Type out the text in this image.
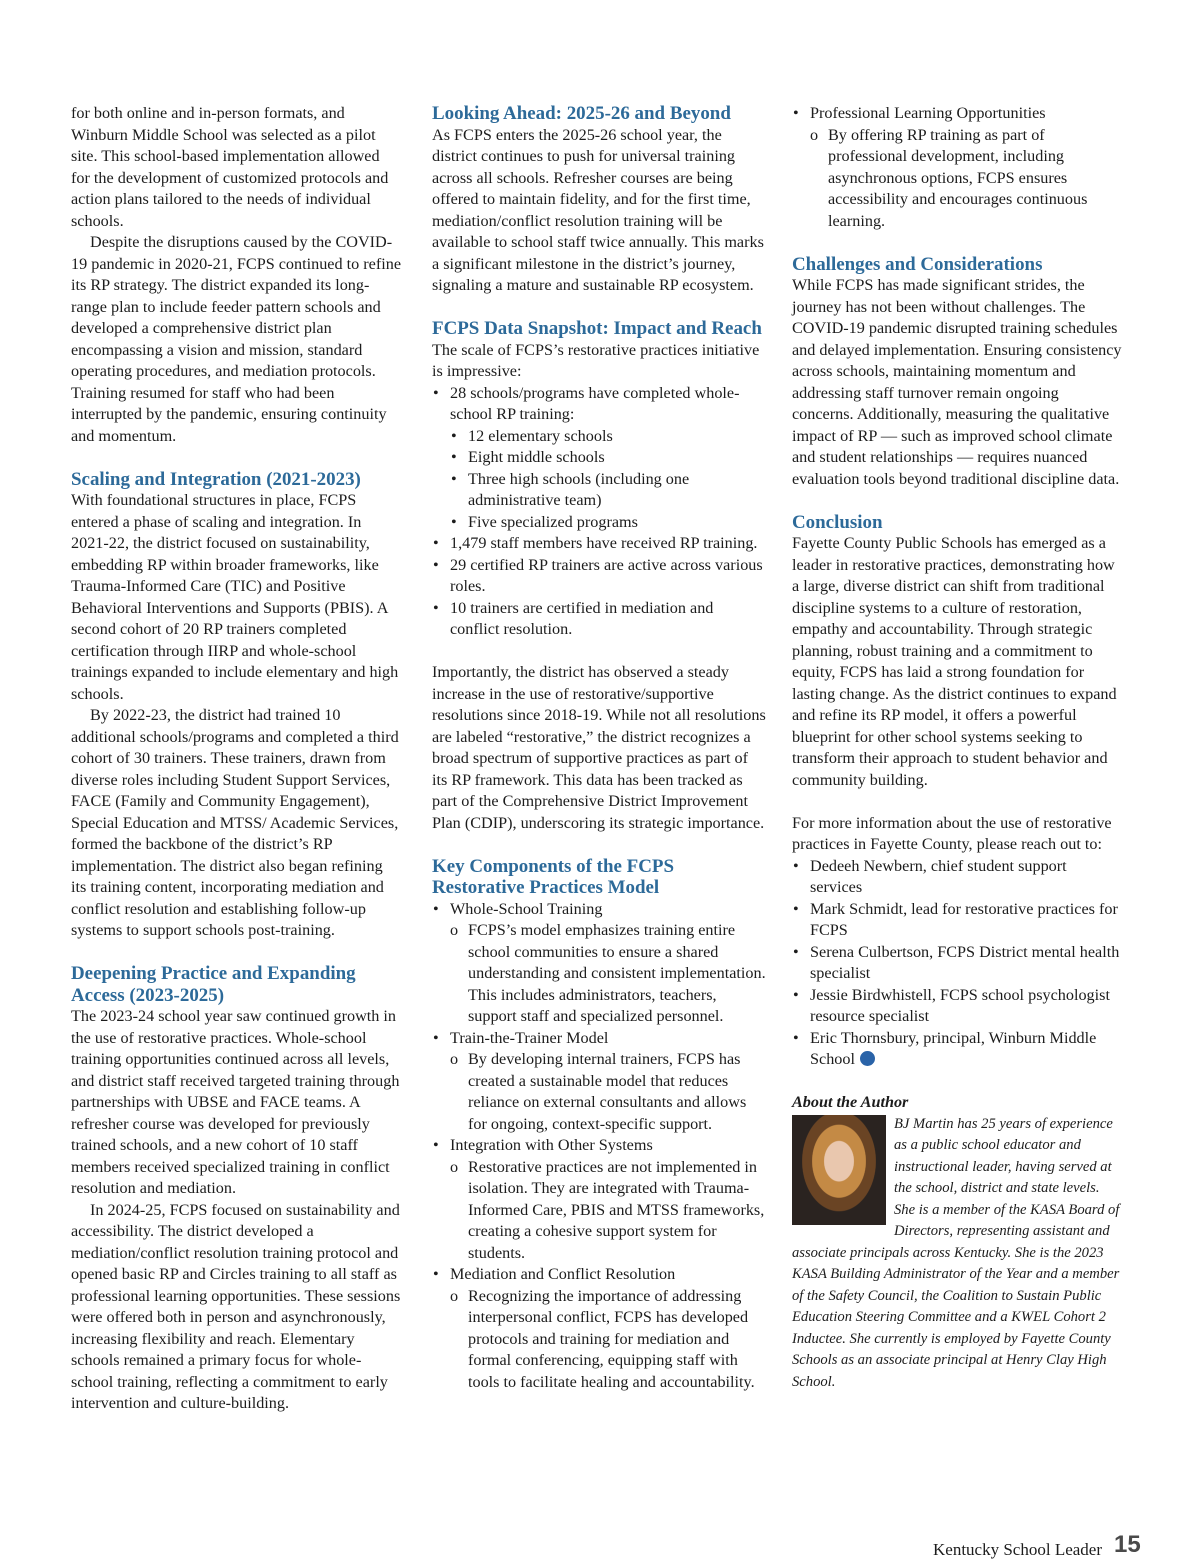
for both online and in-person formats, and Winburn Middle School was selected as a pilot site. This school-based implementation allowed for the development of customized protocols and action plans tailored to the needs of individual schools.

Despite the disruptions caused by the COVID-19 pandemic in 2020-21, FCPS continued to refine its RP strategy. The district expanded its long-range plan to include feeder pattern schools and developed a comprehensive district plan encompassing a vision and mission, standard operating procedures, and mediation protocols. Training resumed for staff who had been interrupted by the pandemic, ensuring continuity and momentum.

Scaling and Integration (2021-2023)

With foundational structures in place, FCPS entered a phase of scaling and integration. In 2021-22, the district focused on sustainability, embedding RP within broader frameworks, like Trauma-Informed Care (TIC) and Positive Behavioral Interventions and Supports (PBIS). A second cohort of 20 RP trainers completed certification through IIRP and whole-school trainings expanded to include elementary and high schools.

By 2022-23, the district had trained 10 additional schools/programs and completed a third cohort of 30 trainers. These trainers, drawn from diverse roles including Student Support Services, FACE (Family and Community Engagement), Special Education and MTSS/ Academic Services, formed the backbone of the district’s RP implementation. The district also began refining its training content, incorporating mediation and conflict resolution and establishing follow-up systems to support schools post-training.

Deepening Practice and Expanding Access (2023-2025)

The 2023-24 school year saw continued growth in the use of restorative practices. Whole-school training opportunities continued across all levels, and district staff received targeted training through partnerships with UBSE and FACE teams. A refresher course was developed for previously trained schools, and a new cohort of 10 staff members received specialized training in conflict resolution and mediation.

In 2024-25, FCPS focused on sustainability and accessibility. The district developed a mediation/conflict resolution training protocol and opened basic RP and Circles training to all staff as professional learning opportunities. These sessions were offered both in person and asynchronously, increasing flexibility and reach. Elementary schools remained a primary focus for whole-school training, reflecting a commitment to early intervention and culture-building.

Looking Ahead: 2025-26 and Beyond

As FCPS enters the 2025-26 school year, the district continues to push for universal training across all schools. Refresher courses are being offered to maintain fidelity, and for the first time, mediation/conflict resolution training will be available to school staff twice annually. This marks a significant milestone in the district’s journey, signaling a mature and sustainable RP ecosystem.

FCPS Data Snapshot: Impact and Reach

The scale of FCPS’s restorative practices initiative is impressive:

• 28 schools/programs have completed whole-school RP training:
• 12 elementary schools
• Eight middle schools
• Three high schools (including one administrative team)
• Five specialized programs
• 1,479 staff members have received RP training.
• 29 certified RP trainers are active across various roles.
• 10 trainers are certified in mediation and conflict resolution.

Importantly, the district has observed a steady increase in the use of restorative/supportive resolutions since 2018-19. While not all resolutions are labeled “restorative,” the district recognizes a broad spectrum of supportive practices as part of its RP framework. This data has been tracked as part of the Comprehensive District Improvement Plan (CDIP), underscoring its strategic importance.

Key Components of the FCPS Restorative Practices Model
• Whole-School Training
o FCPS’s model emphasizes training entire school communities to ensure a shared understanding and consistent implementation. This includes administrators, teachers, support staff and specialized personnel.
• Train-the-Trainer Model
o By developing internal trainers, FCPS has created a sustainable model that reduces reliance on external consultants and allows for ongoing, context-specific support.
• Integration with Other Systems
o Restorative practices are not implemented in isolation. They are integrated with Trauma-Informed Care, PBIS and MTSS frameworks, creating a cohesive support system for students.
• Mediation and Conflict Resolution
o Recognizing the importance of addressing interpersonal conflict, FCPS has developed protocols and training for mediation and formal conferencing, equipping staff with tools to facilitate healing and accountability.
• Professional Learning Opportunities
o By offering RP training as part of professional development, including asynchronous options, FCPS ensures accessibility and encourages continuous learning.
Challenges and Considerations

While FCPS has made significant strides, the journey has not been without challenges. The COVID-19 pandemic disrupted training schedules and delayed implementation. Ensuring consistency across schools, maintaining momentum and addressing staff turnover remain ongoing concerns. Additionally, measuring the qualitative impact of RP — such as improved school climate and student relationships — requires nuanced evaluation tools beyond traditional discipline data.

Conclusion

Fayette County Public Schools has emerged as a leader in restorative practices, demonstrating how a large, diverse district can shift from traditional discipline systems to a culture of restoration, empathy and accountability. Through strategic planning, robust training and a commitment to equity, FCPS has laid a strong foundation for lasting change. As the district continues to expand and refine its RP model, it offers a powerful blueprint for other school systems seeking to transform their approach to student behavior and community building.

For more information about the use of restorative practices in Fayette County, please reach out to:

• Dedeeh Newbern, chief student support services
• Mark Schmidt, lead for restorative practices for FCPS
• Serena Culbertson, FCPS District mental health specialist
• Jessie Birdwhistell, FCPS school psychologist resource specialist
• Eric Thornsbury, principal, Winburn Middle School
About the Author
BJ Martin has 25 years of experience as a public school educator and instructional leader, having served at the school, district and state levels. She is a member of the KASA Board of Directors, representing assistant and associate principals across Kentucky. She is the 2023 KASA Building Administrator of the Year and a member of the Safety Council, the Coalition to Sustain Public Education Steering Committee and a KWEL Cohort 2 Inductee. She currently is employed by Fayette County Schools as an associate principal at Henry Clay High School.
Kentucky School Leader 15
